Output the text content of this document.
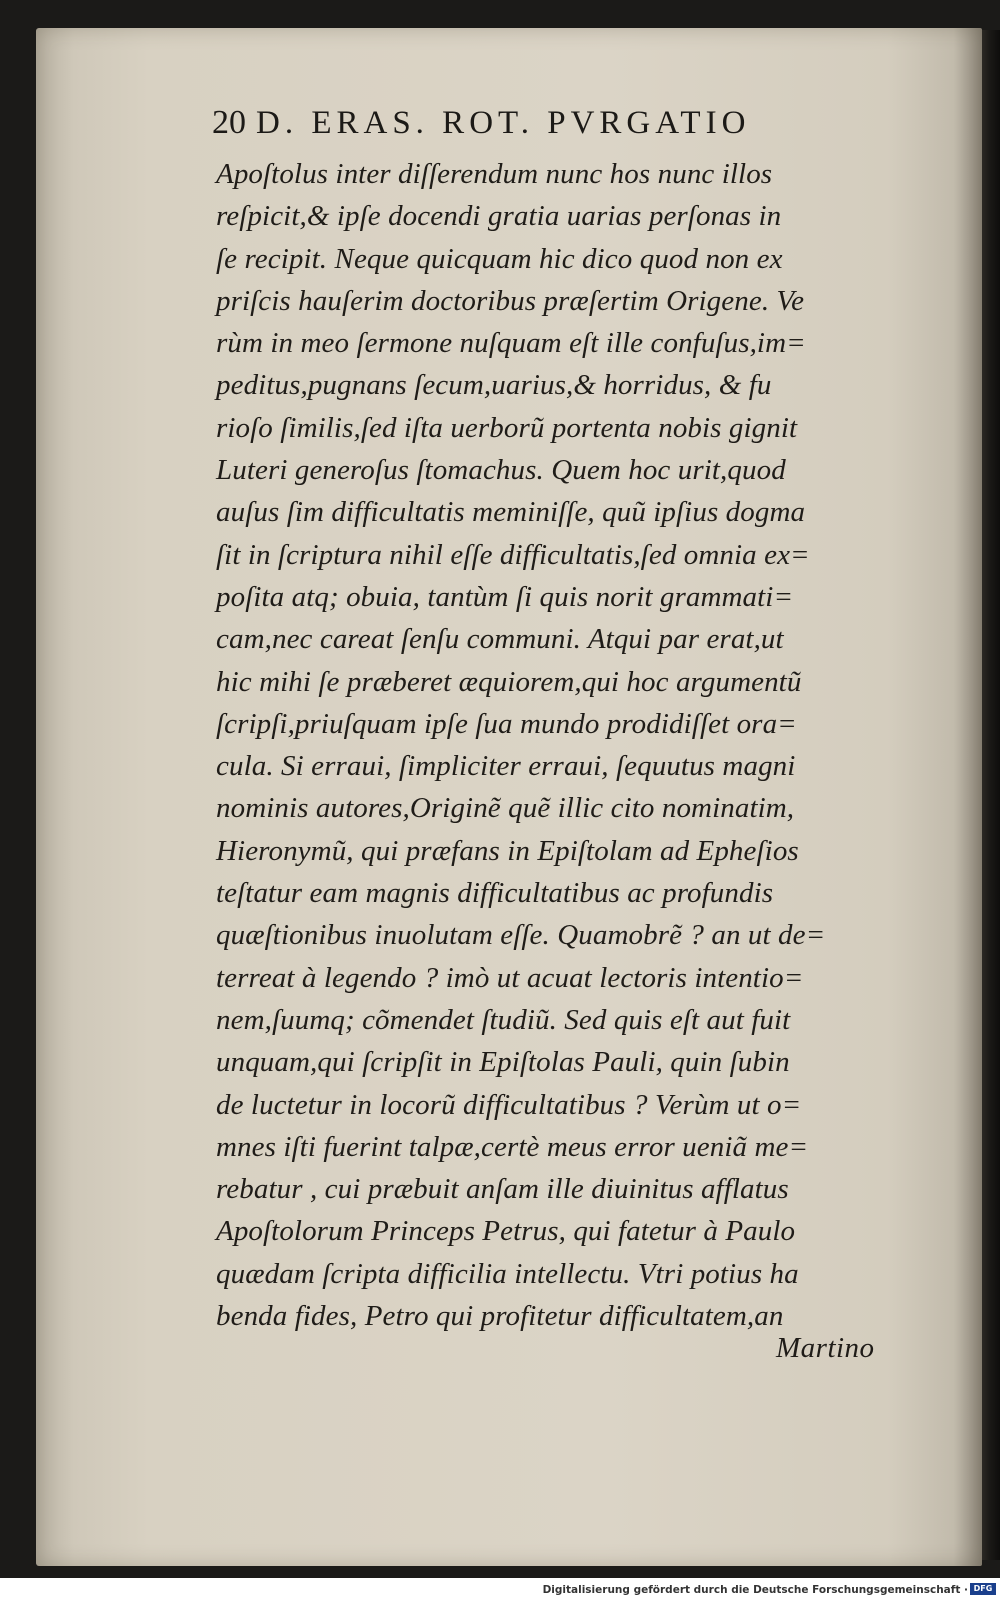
20 D. ERAS. ROT. PVRGATIO
Apoſtolus inter diſſerendum nunc hos nunc illos
reſpicit,& ipſe docendi gratia uarias perſonas in
ſe recipit. Neque quicquam hic dico quod non ex
priſcis hauſerim doctoribus præſertim Origene. Ve
rùm in meo ſermone nuſquam eſt ille confuſus,im=
peditus,pugnans ſecum,uarius,& horridus, & fu
rioſo ſimilis,ſed iſta uerborũ portenta nobis gignit
Luteri generoſus ſtomachus. Quem hoc urit,quod
auſus ſim difficultatis meminiſſe, quũ ipſius dogma
ſit in ſcriptura nihil eſſe difficultatis,ſed omnia ex=
poſita atq; obuia, tantùm ſi quis norit grammati=
cam,nec careat ſenſu communi. Atqui par erat,ut
hic mihi ſe præberet æquiorem,qui hoc argumentũ
ſcripſi,priuſquam ipſe ſua mundo prodidiſſet ora=
cula. Si erraui, ſimpliciter erraui, ſequutus magni
nominis autores,Originẽ quẽ illic cito nominatim,
Hieronymũ, qui præfans in Epiſtolam ad Epheſios
teſtatur eam magnis difficultatibus ac profundis
quæſtionibus inuolutam eſſe. Quamobrẽ ? an ut de=
terreat à legendo ? imò ut acuat lectoris intentio=
nem,ſuumq; cõmendet ſtudiũ. Sed quis eſt aut fuit
unquam,qui ſcripſit in Epiſtolas Pauli, quin ſubin
de luctetur in locorũ difficultatibus ? Verùm ut o=
mnes iſti fuerint talpæ,certè meus error ueniã me=
rebatur , cui præbuit anſam ille diuinitus afflatus
Apoſtolorum Princeps Petrus, qui fatetur à Paulo
quædam ſcripta difficilia intellectu. Vtri potius ha
benda fides, Petro qui profitetur difficultatem,an
Martino
Digitalisierung gefördert durch die Deutsche Forschungsgemeinschaft · DFG
